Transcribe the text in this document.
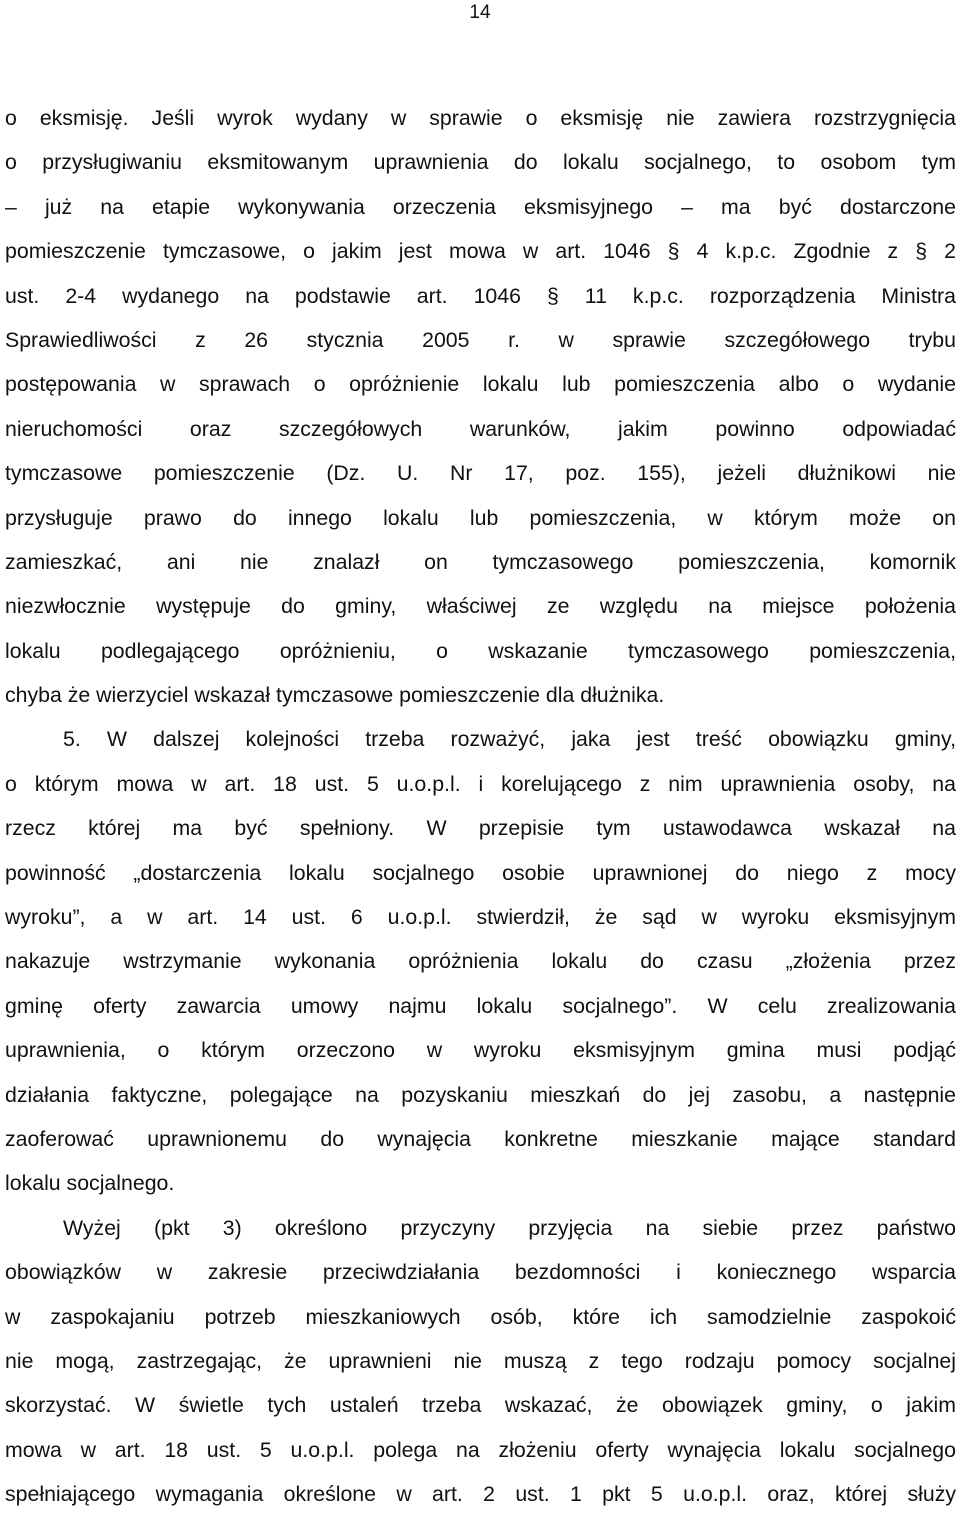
14
o eksmisję. Jeśli wyrok wydany w sprawie o eksmisję nie zawiera rozstrzygnięcia
o przysługiwaniu eksmitowanym uprawnienia do lokalu socjalnego, to osobom tym
– już na etapie wykonywania orzeczenia eksmisyjnego – ma być dostarczone
pomieszczenie tymczasowe, o jakim jest mowa w art. 1046 § 4 k.p.c. Zgodnie z § 2
ust. 2-4 wydanego na podstawie art. 1046 § 11 k.p.c. rozporządzenia Ministra
Sprawiedliwości z 26 stycznia 2005 r. w sprawie szczegółowego trybu
postępowania w sprawach o opróżnienie lokalu lub pomieszczenia albo o wydanie
nieruchomości oraz szczegółowych warunków, jakim powinno odpowiadać
tymczasowe pomieszczenie (Dz. U. Nr 17, poz. 155), jeżeli dłużnikowi nie
przysługuje prawo do innego lokalu lub pomieszczenia, w którym może on
zamieszkać, ani nie znalazł on tymczasowego pomieszczenia, komornik
niezwłocznie występuje do gminy, właściwej ze względu na miejsce położenia
lokalu podlegającego opróżnieniu, o wskazanie tymczasowego pomieszczenia,
chyba że wierzyciel wskazał tymczasowe pomieszczenie dla dłużnika.
5. W dalszej kolejności trzeba rozważyć, jaka jest treść obowiązku gminy,
o którym mowa w art. 18 ust. 5 u.o.p.l. i korelującego z nim uprawnienia osoby, na
rzecz której ma być spełniony. W przepisie tym ustawodawca wskazał na
powinność „dostarczenia lokalu socjalnego osobie uprawnionej do niego z mocy
wyroku”, a w art. 14 ust. 6 u.o.p.l. stwierdził, że sąd w wyroku eksmisyjnym
nakazuje wstrzymanie wykonania opróżnienia lokalu do czasu „złożenia przez
gminę oferty zawarcia umowy najmu lokalu socjalnego”. W celu zrealizowania
uprawnienia, o którym orzeczono w wyroku eksmisyjnym gmina musi podjąć
działania faktyczne, polegające na pozyskaniu mieszkań do jej zasobu, a następnie
zaoferować uprawnionemu do wynajęcia konkretne mieszkanie mające standard
lokalu socjalnego.
Wyżej (pkt 3) określono przyczyny przyjęcia na siebie przez państwo
obowiązków w zakresie przeciwdziałania bezdomności i koniecznego wsparcia
w zaspokajaniu potrzeb mieszkaniowych osób, które ich samodzielnie zaspokoić
nie mogą, zastrzegając, że uprawnieni nie muszą z tego rodzaju pomocy socjalnej
skorzystać. W świetle tych ustaleń trzeba wskazać, że obowiązek gminy, o jakim
mowa w art. 18 ust. 5 u.o.p.l. polega na złożeniu oferty wynajęcia lokalu socjalnego
spełniającego wymagania określone w art. 2 ust. 1 pkt 5 u.o.p.l. oraz, której służy
